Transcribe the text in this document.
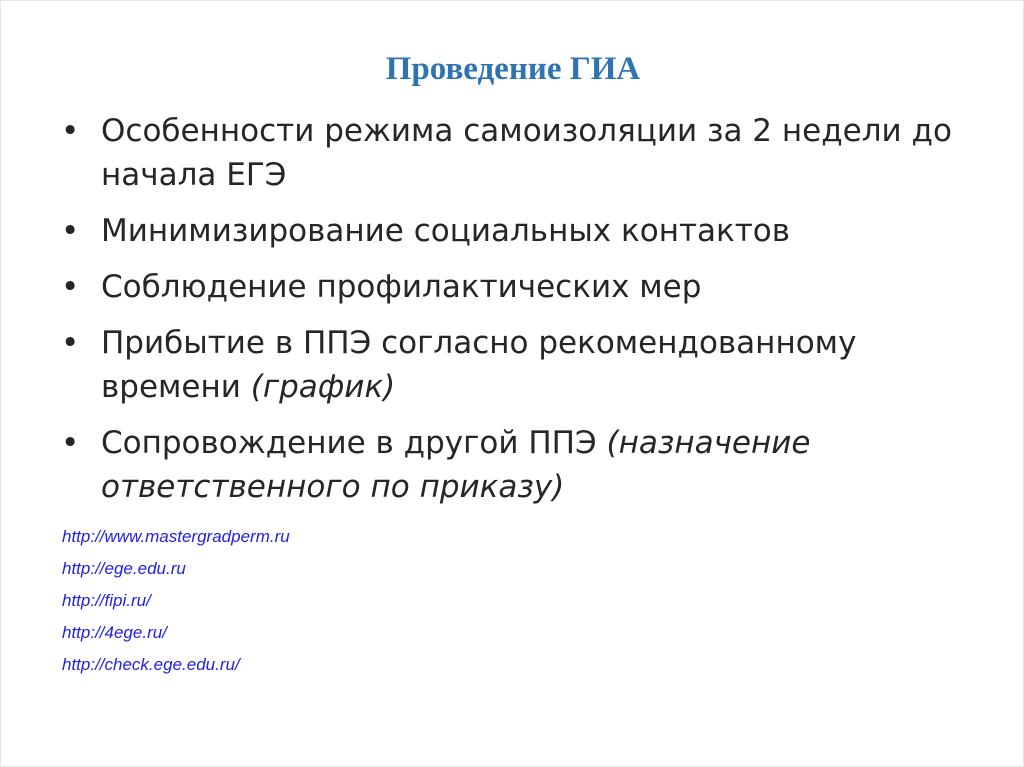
Проведение ГИА
• Особенности режима самоизоляции за 2 недели до начала ЕГЭ
• Минимизирование социальных контактов
• Соблюдение профилактических мер
• Прибытие в ППЭ согласно рекомендованному времени (график)
• Сопровождение в другой ППЭ (назначение ответственного по приказу)
http://www.mastergradperm.ru
http://ege.edu.ru
http://fipi.ru/
http://4ege.ru/
http://check.ege.edu.ru/
